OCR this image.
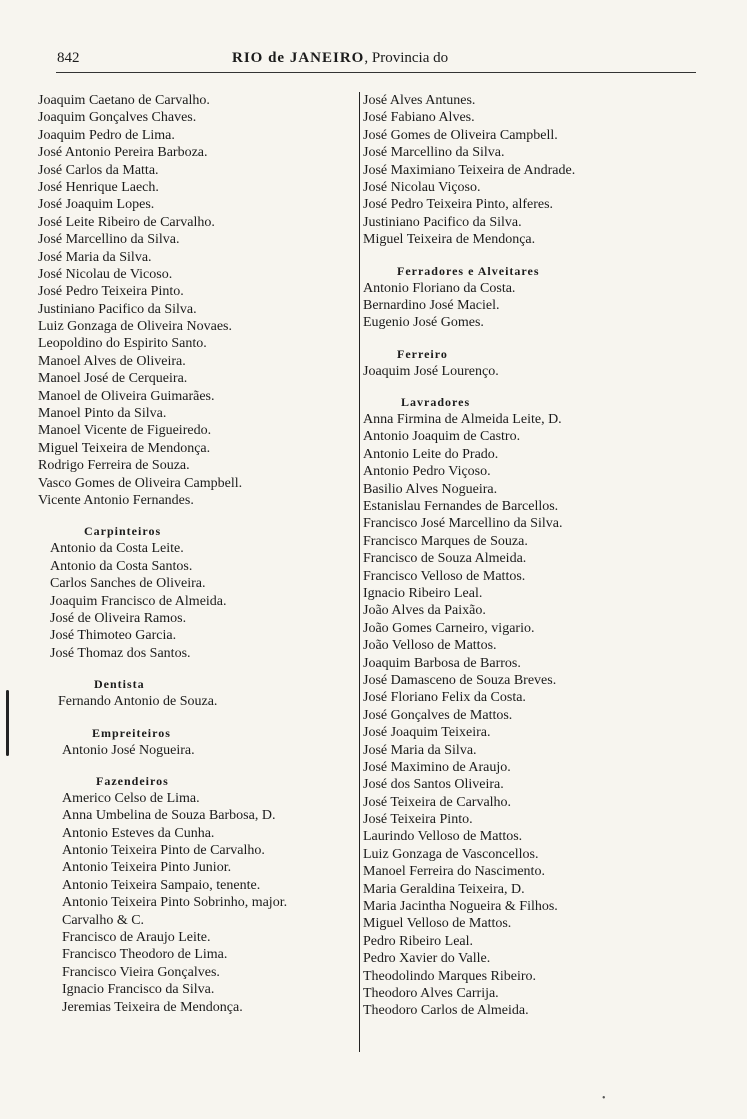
842	RIO de JANEIRO, Provincia do
Joaquim Caetano de Carvalho.
Joaquim Gonçalves Chaves.
Joaquim Pedro de Lima.
José Antonio Pereira Barboza.
José Carlos da Matta.
José Henrique Laech.
José Joaquim Lopes.
José Leite Ribeiro de Carvalho.
José Marcellino da Silva.
José Maria da Silva.
José Nicolau de Vicoso.
José Pedro Teixeira Pinto.
Justiniano Pacifico da Silva.
Luiz Gonzaga de Oliveira Novaes.
Leopoldino do Espirito Santo.
Manoel Alves de Oliveira.
Manoel José de Cerqueira.
Manoel de Oliveira Guimarães.
Manoel Pinto da Silva.
Manoel Vicente de Figueiredo.
Miguel Teixeira de Mendonça.
Rodrigo Ferreira de Souza.
Vasco Gomes de Oliveira Campbell.
Vicente Antonio Fernandes.
Carpinteiros
Antonio da Costa Leite.
Antonio da Costa Santos.
Carlos Sanches de Oliveira.
Joaquim Francisco de Almeida.
José de Oliveira Ramos.
José Thimoteo Garcia.
José Thomaz dos Santos.
Dentista
Fernando Antonio de Souza.
Empreiteiros
Antonio José Nogueira.
Fazendeiros
Americo Celso de Lima.
Anna Umbelina de Souza Barbosa, D.
Antonio Esteves da Cunha.
Antonio Teixeira Pinto de Carvalho.
Antonio Teixeira Pinto Junior.
Antonio Teixeira Sampaio, tenente.
Antonio Teixeira Pinto Sobrinho, major.
Carvalho & C.
Francisco de Araujo Leite.
Francisco Theodoro de Lima.
Francisco Vieira Gonçalves.
Ignacio Francisco da Silva.
Jeremias Teixeira de Mendonça.
José Alves Antunes.
José Fabiano Alves.
José Gomes de Oliveira Campbell.
José Marcellino da Silva.
José Maximiano Teixeira de Andrade.
José Nicolau Viçoso.
José Pedro Teixeira Pinto, alferes.
Justiniano Pacifico da Silva.
Miguel Teixeira de Mendonça.
Ferradores e Alveitares
Antonio Floriano da Costa.
Bernardino José Maciel.
Eugenio José Gomes.
Ferreiro
Joaquim José Lourenço.
Lavradores
Anna Firmina de Almeida Leite, D.
Antonio Joaquim de Castro.
Antonio Leite do Prado.
Antonio Pedro Viçoso.
Basilio Alves Nogueira.
Estanislau Fernandes de Barcellos.
Francisco José Marcellino da Silva.
Francisco Marques de Souza.
Francisco de Souza Almeida.
Francisco Velloso de Mattos.
Ignacio Ribeiro Leal.
João Alves da Paixão.
João Gomes Carneiro, vigario.
João Velloso de Mattos.
Joaquim Barbosa de Barros.
José Damasceno de Souza Breves.
José Floriano Felix da Costa.
José Gonçalves de Mattos.
José Joaquim Teixeira.
José Maria da Silva.
José Maximino de Araujo.
José dos Santos Oliveira.
José Teixeira de Carvalho.
José Teixeira Pinto.
Laurindo Velloso de Mattos.
Luiz Gonzaga de Vasconcellos.
Manoel Ferreira do Nascimento.
Maria Geraldina Teixeira, D.
Maria Jacintha Nogueira & Filhos.
Miguel Velloso de Mattos.
Pedro Ribeiro Leal.
Pedro Xavier do Valle.
Theodolindo Marques Ribeiro.
Theodoro Alves Carrija.
Theodoro Carlos de Almeida.
•
